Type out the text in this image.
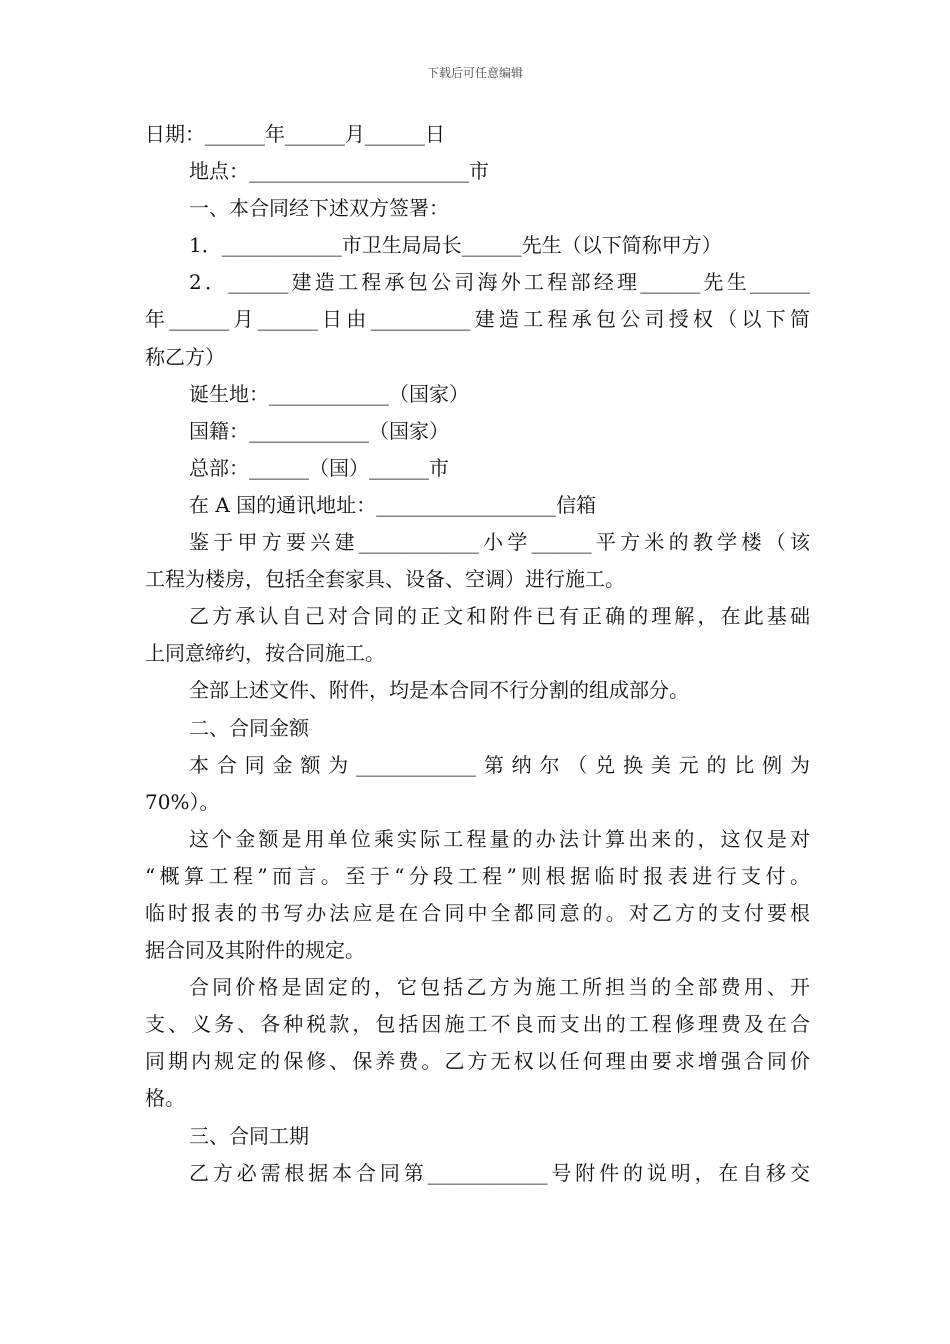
下载后可任意编辑
日期：______年______月______日
地点：______________________市
一、本合同经下述双方签署：
1．____________市卫生局局长______先生（以下简称甲方）
2．______建造工程承包公司海外工程部经理______先生______
年______月______日由__________建造工程承包公司授权（以下简
称乙方）
诞生地：____________（国家）
国籍：____________（国家）
总部：______（国）______市
在 A 国的通讯地址：__________________信箱
鉴于甲方要兴建____________小学______平方米的教学楼（该
工程为楼房，包括全套家具、设备、空调）进行施工。
乙方承认自己对合同的正文和附件已有正确的理解，在此基础
上同意缔约，按合同施工。
全部上述文件、附件，均是本合同不行分割的组成部分。
二、合同金额
本合同金额为____________第纳尔（兑换美元的比例为
70%）。
这个金额是用单位乘实际工程量的办法计算出来的，这仅是对
“概算工程”而言。至于“分段工程”则根据临时报表进行支付。
临时报表的书写办法应是在合同中全都同意的。对乙方的支付要根
据合同及其附件的规定。
合同价格是固定的，它包括乙方为施工所担当的全部费用、开
支、义务、各种税款，包括因施工不良而支出的工程修理费及在合
同期内规定的保修、保养费。乙方无权以任何理由要求增强合同价
格。
三、合同工期
乙方必需根据本合同第____________号附件的说明，在自移交
